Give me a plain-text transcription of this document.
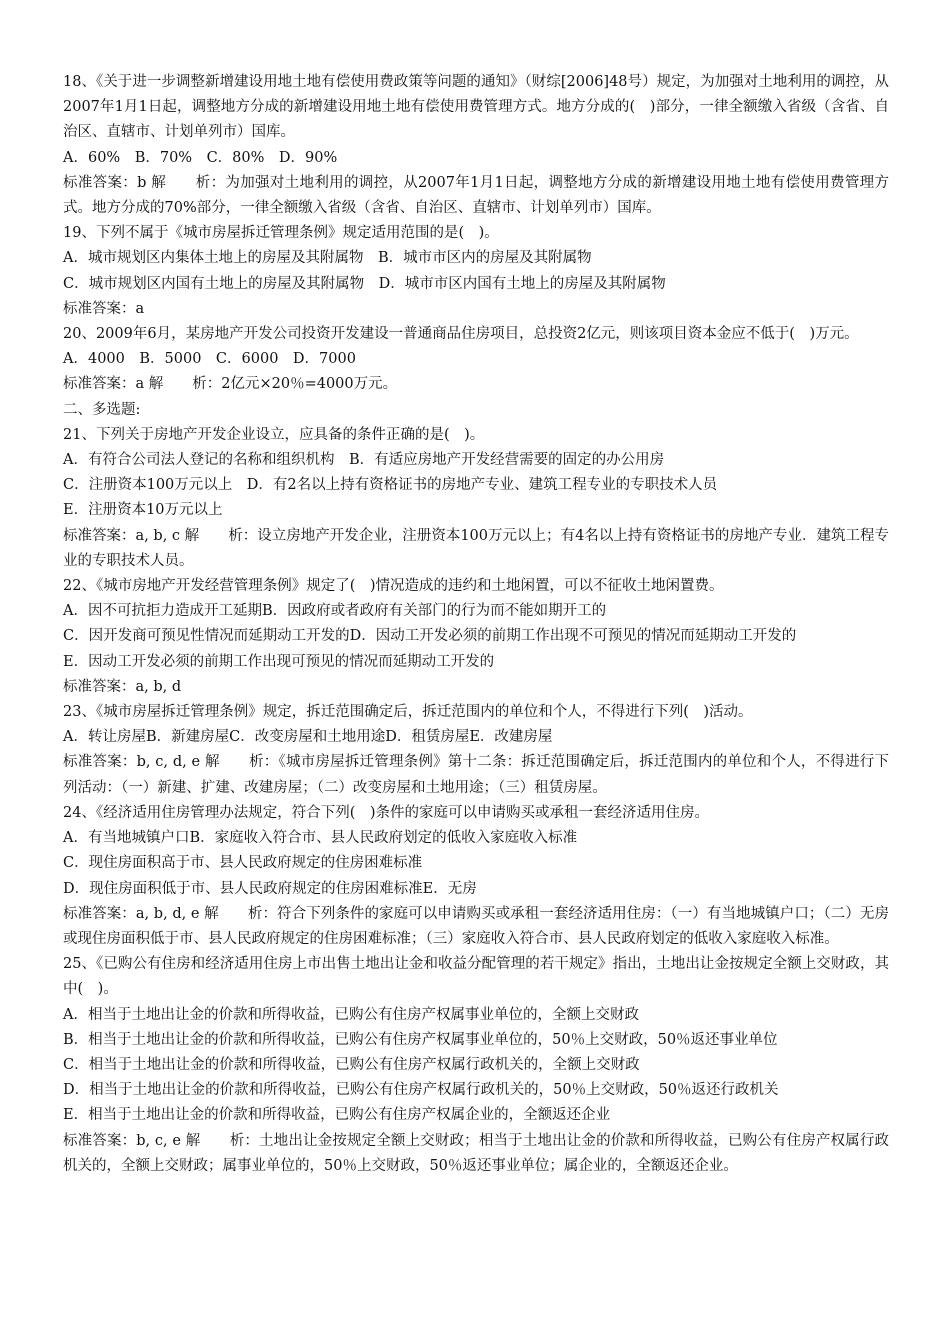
18、《关于进一步调整新增建设用地土地有偿使用费政策等问题的通知》（财综[2006]48号）规定，为加强对土地利用的调控，从2007年1月1日起，调整地方分成的新增建设用地土地有偿使用费管理方式。地方分成的(　)部分，一律全额缴入省级（含省、自治区、直辖市、计划单列市）国库。

A．60%　B．70%　C．80%　D．90%

标准答案：b 解　　析：为加强对土地利用的调控，从2007年1月1日起，调整地方分成的新增建设用地土地有偿使用费管理方式。地方分成的70%部分，一律全额缴入省级（含省、自治区、直辖市、计划单列市）国库。

19、下列不属于《城市房屋拆迁管理条例》规定适用范围的是(　)。

A．城市规划区内集体土地上的房屋及其附属物　B．城市市区内的房屋及其附属物

C．城市规划区内国有土地上的房屋及其附属物　D．城市市区内国有土地上的房屋及其附属物

标准答案：a

20、2009年6月，某房地产开发公司投资开发建设一普通商品住房项目，总投资2亿元，则该项目资本金应不低于(　)万元。

A．4000　B．5000　C．6000　D．7000

标准答案：a 解　　析：2亿元×20％=4000万元。

二、多选题:

21、下列关于房地产开发企业设立，应具备的条件正确的是(　)。

A．有符合公司法人登记的名称和组织机构　B．有适应房地产开发经营需要的固定的办公用房

C．注册资本100万元以上　D．有2名以上持有资格证书的房地产专业、建筑工程专业的专职技术人员

E．注册资本10万元以上

标准答案：a, b, c 解　　析：设立房地产开发企业，注册资本100万元以上；有4名以上持有资格证书的房地产专业．建筑工程专业的专职技术人员。

22、《城市房地产开发经营管理条例》规定了(　)情况造成的违约和土地闲置，可以不征收土地闲置费。

A．因不可抗拒力造成开工延期B．因政府或者政府有关部门的行为而不能如期开工的

C．因开发商可预见性情况而延期动工开发的D．因动工开发必须的前期工作出现不可预见的情况而延期动工开发的

E．因动工开发必须的前期工作出现可预见的情况而延期动工开发的

标准答案：a, b, d

23、《城市房屋拆迁管理条例》规定，拆迁范围确定后，拆迁范围内的单位和个人，不得进行下列(　)活动。

A．转让房屋B．新建房屋C．改变房屋和土地用途D．租赁房屋E．改建房屋

标准答案：b, c, d, e 解　　析：《城市房屋拆迁管理条例》第十二条：拆迁范围确定后，拆迁范围内的单位和个人，不得进行下列活动：（一）新建、扩建、改建房屋；（二）改变房屋和土地用途；（三）租赁房屋。

24、《经济适用住房管理办法规定，符合下列(　)条件的家庭可以申请购买或承租一套经济适用住房。

A．有当地城镇户口B．家庭收入符合市、县人民政府划定的低收入家庭收入标准

C．现住房面积高于市、县人民政府规定的住房困难标准

D．现住房面积低于市、县人民政府规定的住房困难标准E．无房

标准答案：a, b, d, e 解　　析：符合下列条件的家庭可以申请购买或承租一套经济适用住房：（一）有当地城镇户口；（二）无房或现住房面积低于市、县人民政府规定的住房困难标准；（三）家庭收入符合市、县人民政府划定的低收入家庭收入标准。

25、《已购公有住房和经济适用住房上市出售土地出让金和收益分配管理的若干规定》指出，土地出让金按规定全额上交财政，其中(　)。

A．相当于土地出让金的价款和所得收益，已购公有住房产权属事业单位的，全额上交财政

B．相当于土地出让金的价款和所得收益，已购公有住房产权属事业单位的，50％上交财政，50％返还事业单位

C．相当于土地出让金的价款和所得收益，已购公有住房产权属行政机关的，全额上交财政

D．相当于土地出让金的价款和所得收益，已购公有住房产权属行政机关的，50％上交财政，50％返还行政机关

E．相当于土地出让金的价款和所得收益，已购公有住房产权属企业的，全额返还企业

标准答案：b, c, e 解　　析：土地出让金按规定全额上交财政；相当于土地出让金的价款和所得收益，已购公有住房产权属行政机关的，全额上交财政；属事业单位的，50％上交财政，50％返还事业单位；属企业的，全额返还企业。
